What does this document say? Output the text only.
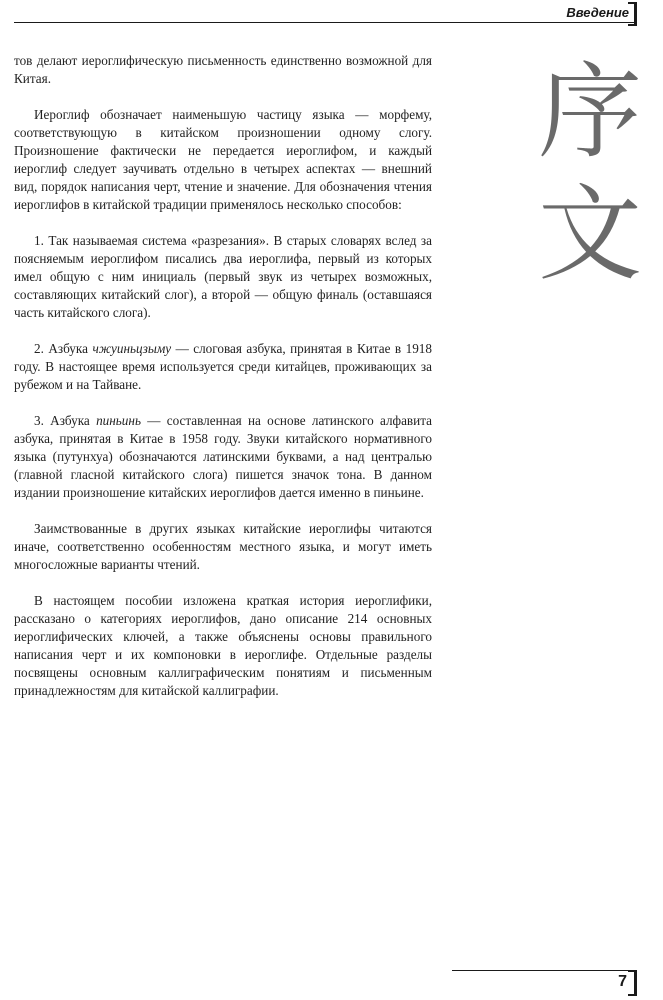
Введение
序
文

тов делают иероглифическую письменность единственно возможной для Китая.

Иероглиф обозначает наименьшую частицу языка — морфему, соответствующую в китайском произношении одному слогу. Произношение фактически не передается иероглифом, и каждый иероглиф следует заучивать отдельно в четырех аспектах — внешний вид, порядок написания черт, чтение и значение. Для обозначения чтения иероглифов в китайской традиции применялось несколько способов:

1. Так называемая система «разрезания». В старых словарях вслед за поясняемым иероглифом писались два иероглифа, первый из которых имел общую с ним инициаль (первый звук из четырех возможных, составляющих китайский слог), а второй — общую финаль (оставшаяся часть китайского слога).

2. Азбука чжуиньцзыму — слоговая азбука, принятая в Китае в 1918 году. В настоящее время используется среди китайцев, проживающих за рубежом и на Тайване.

3. Азбука пиньинь — составленная на основе латинского алфавита азбука, принятая в Китае в 1958 году. Звуки китайского нормативного языка (путунхуа) обозначаются латинскими буквами, а над централью (главной гласной китайского слога) пишется значок тона. В данном издании произношение китайских иероглифов дается именно в пиньине.

Заимствованные в других языках китайские иероглифы читаются иначе, соответственно особенностям местного языка, и могут иметь многосложные варианты чтений.

В настоящем пособии изложена краткая история иероглифики, рассказано о категориях иероглифов, дано описание 214 основных иероглифических ключей, а также объяснены основы правильного написания черт и их компоновки в иероглифе. Отдельные разделы посвящены основным каллиграфическим понятиям и письменным принадлежностям для китайской каллиграфии.

7
